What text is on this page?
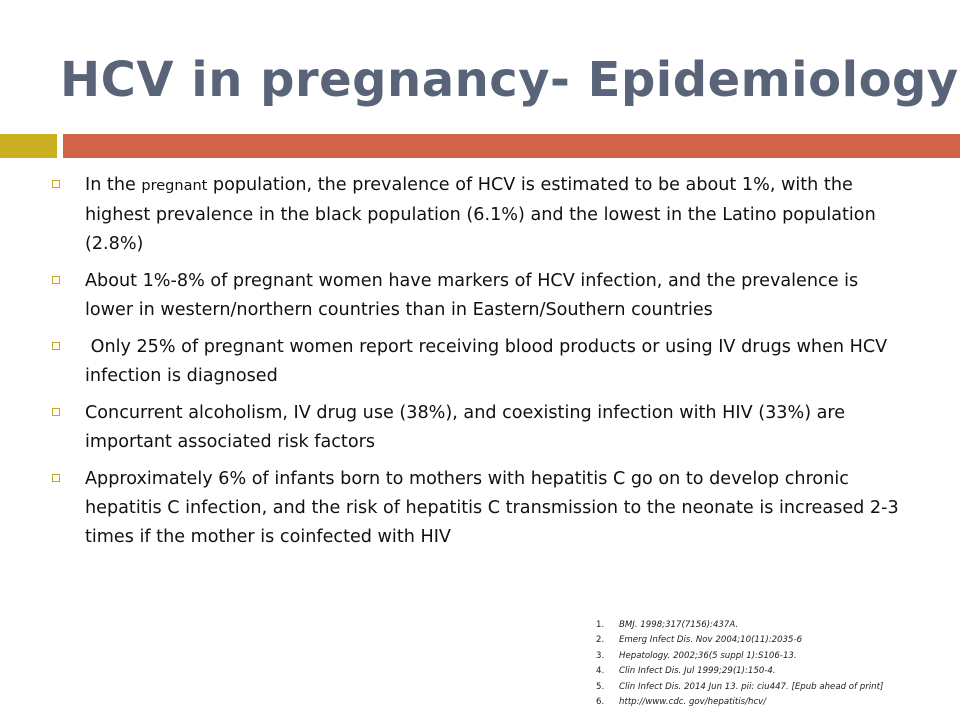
HCV in pregnancy- Epidemiology
In the pregnant population, the prevalence of HCV is estimated to be about 1%, with the highest prevalence in the black population (6.1%) and the lowest in the Latino population (2.8%)
About 1%-8% of pregnant women have markers of HCV infection, and the prevalence is lower in western/northern countries than in Eastern/Southern countries
Only 25% of pregnant women report receiving blood products or using IV drugs when HCV infection is diagnosed
Concurrent alcoholism, IV drug use (38%), and coexisting infection with HIV (33%) are important associated risk factors
Approximately 6% of infants born to mothers with hepatitis C go on to develop chronic hepatitis C infection, and the risk of hepatitis C transmission to the neonate is increased 2-3 times if the mother is coinfected with HIV
1. BMJ. 1998;317(7156):437A.
2. Emerg Infect Dis. Nov 2004;10(11):2035-6
3. Hepatology. 2002;36(5 suppl 1):S106-13.
4. Clin Infect Dis. Jul 1999;29(1):150-4.
5. Clin Infect Dis. 2014 Jun 13. pii: ciu447. [Epub ahead of print]
6. http://www.cdc. gov/hepatitis/hcv/
